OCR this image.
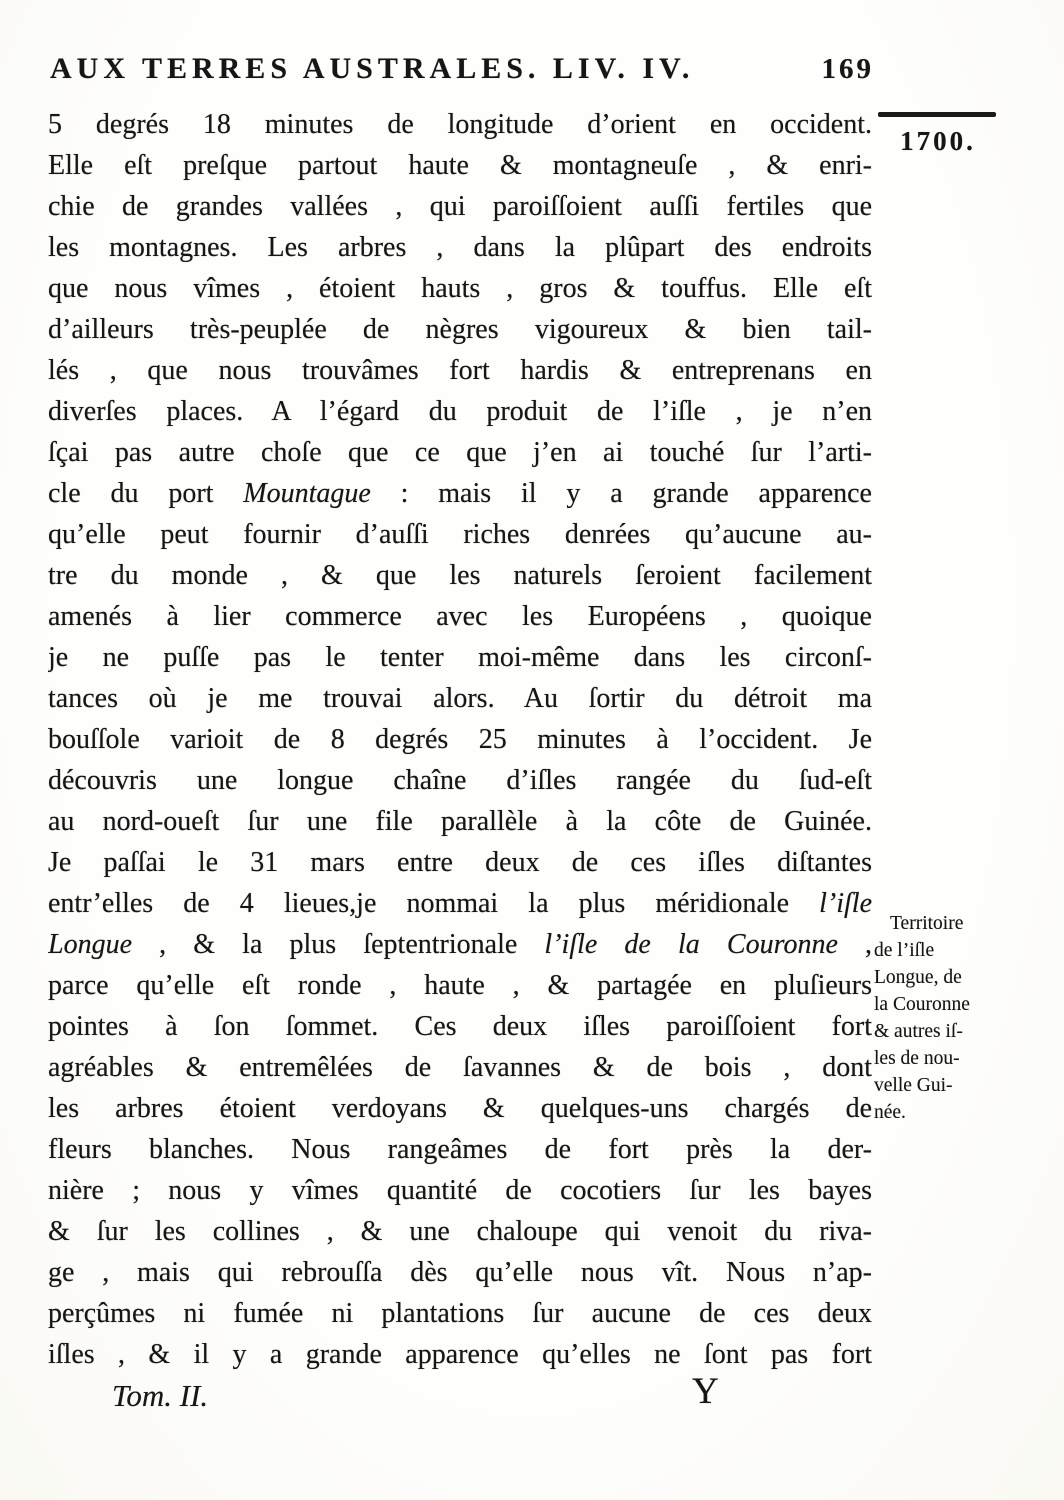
AUX TERRES AUSTRALES. LIV. IV.	169
1700.
5 degrés 18 minutes de longitude d’orient en occident.
Elle eſt preſque partout haute & montagneuſe , & enri-
chie de grandes vallées , qui paroiſſoient auſſi fertiles que
les montagnes. Les arbres , dans la plûpart des endroits
que nous vîmes , étoient hauts , gros & touffus. Elle eſt
d’ailleurs très-peuplée de nègres vigoureux & bien tail-
lés , que nous trouvâmes fort hardis & entreprenans en
diverſes places. A l’égard du produit de l’iſle , je n’en
ſçai pas autre choſe que ce que j’en ai touché ſur l’arti-
cle du port Mountague : mais il y a grande apparence
qu’elle peut fournir d’auſſi riches denrées qu’aucune au-
tre du monde , & que les naturels ſeroient facilement
amenés à lier commerce avec les Européens , quoique
je ne puſſe pas le tenter moi-même dans les circonſ-
tances où je me trouvai alors. Au ſortir du détroit ma
bouſſole varioit de 8 degrés 25 minutes à l’occident. Je
découvris une longue chaîne d’iſles rangée du ſud-eſt
au nord-oueſt ſur une file parallèle à la côte de Guinée.
Je paſſai le 31 mars entre deux de ces iſles diſtantes
entr’elles de 4 lieues,je nommai la plus méridionale l’iſle
Longue , & la plus ſeptentrionale l’iſle de la Couronne ,
parce qu’elle eſt ronde , haute , & partagée en pluſieurs
pointes à ſon ſommet. Ces deux iſles paroiſſoient fort
agréables & entremêlées de ſavannes & de bois , dont
les arbres étoient verdoyans & quelques-uns chargés de
fleurs blanches. Nous rangeâmes de fort près la der-
nière ; nous y vîmes quantité de cocotiers ſur les bayes
& ſur les collines , & une chaloupe qui venoit du riva-
ge , mais qui rebrouſſa dès qu’elle nous vît. Nous n’ap-
perçûmes ni fumée ni plantations ſur aucune de ces deux
iſles , & il y a grande apparence qu’elles ne ſont pas fort
Territoire
de l’iſle
Longue, de
la Couronne
& autres iſ-
les de nou-
velle Gui-
née.
Tom. II.	Y
